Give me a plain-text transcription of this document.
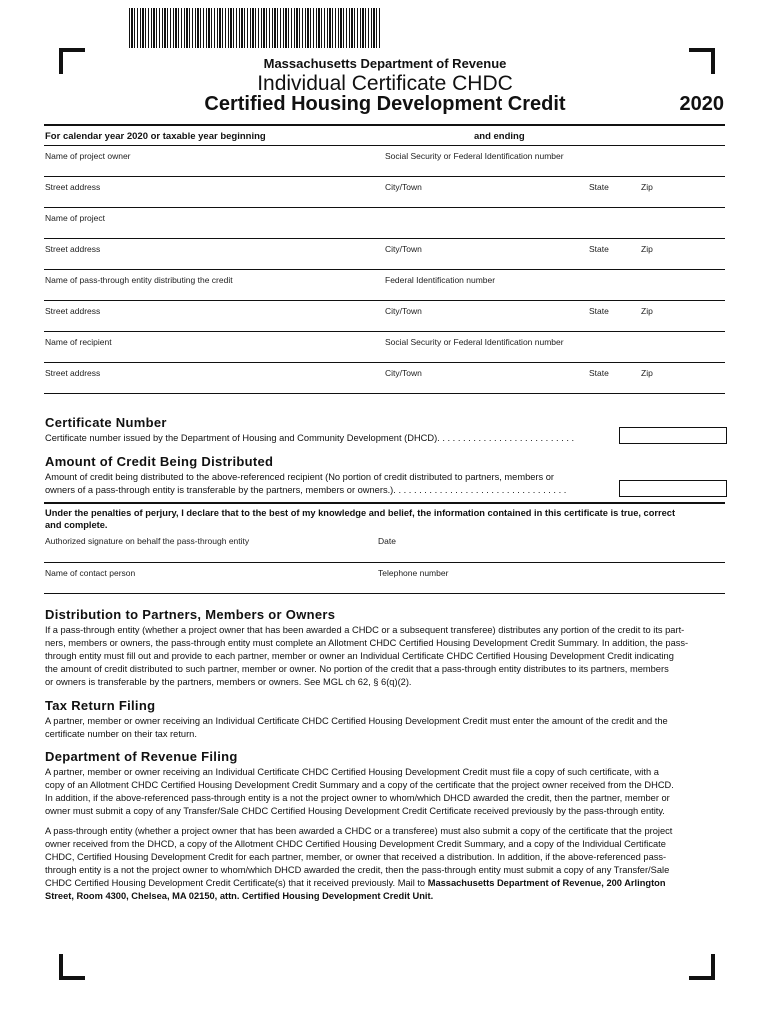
Massachusetts Department of Revenue
Individual Certificate CHDC
Certified Housing Development Credit	2020
For calendar year 2020 or taxable year beginning	and ending
Name of project owner	Social Security or Federal Identification number
Street address	City/Town	State	Zip
Name of project
Street address	City/Town	State	Zip
Name of pass-through entity distributing the credit	Federal Identification number
Street address	City/Town	State	Zip
Name of recipient	Social Security or Federal Identification number
Street address	City/Town	State	Zip
Certificate Number
Certificate number issued by the Department of Housing and Community Development (DHCD). . . . . . . . . . . . . . . . . . . . . . . . . . .
Amount of Credit Being Distributed
Amount of credit being distributed to the above-referenced recipient (No portion of credit distributed to partners, members or
owners of a pass-through entity is transferable by the partners, members or owners.). . . . . . . . . . . . . . . . . . . . . . . . . . . . . . . . . .
Under the penalties of perjury, I declare that to the best of my knowledge and belief, the information contained in this certificate is true, correct
and complete.
Authorized signature on behalf the pass-through entity	Date
Name of contact person	Telephone number
Distribution to Partners, Members or Owners
If a pass-through entity (whether a project owner that has been awarded a CHDC or a subsequent transferee) distributes any portion of the credit to its part-
ners, members or owners, the pass-through entity must complete an Allotment CHDC Certified Housing Development Credit Summary. In addition, the pass-
through entity must fill out and provide to each partner, member or owner an Individual Certificate CHDC Certified Housing Development Credit indicating
the amount of credit distributed to such partner, member or owner. No portion of the credit that a pass-through entity distributes to its partners, members
or owners is transferable by the partners, members or owners. See MGL ch 62, § 6(q)(2).
Tax Return Filing
A partner, member or owner receiving an Individual Certificate CHDC Certified Housing Development Credit must enter the amount of the credit and the
certificate number on their tax return.
Department of Revenue Filing
A partner, member or owner receiving an Individual Certificate CHDC Certified Housing Development Credit must file a copy of such certificate, with a
copy of an Allotment CHDC Certified Housing Development Credit Summary and a copy of the certificate that the project owner received from the DHCD.
In addition, if the above-referenced pass-through entity is a not the project owner to whom/which DHCD awarded the credit, then the partner, member or
owner must submit a copy of any Transfer/Sale CHDC Certified Housing Development Credit Certificate received previously by the pass-through entity.
A pass-through entity (whether a project owner that has been awarded a CHDC or a transferee) must also submit a copy of the certificate that the project
owner received from the DHCD, a copy of the Allotment CHDC Certified Housing Development Credit Summary, and a copy of the Individual Certificate
CHDC, Certified Housing Development Credit for each partner, member, or owner that received a distribution. In addition, if the above-referenced pass-
through entity is a not the project owner to whom/which DHCD awarded the credit, then the pass-through entity must submit a copy of any Transfer/Sale
CHDC Certified Housing Development Credit Certificate(s) that it received previously. Mail to Massachusetts Department of Revenue, 200 Arlington
Street, Room 4300, Chelsea, MA 02150, attn. Certified Housing Development Credit Unit.
